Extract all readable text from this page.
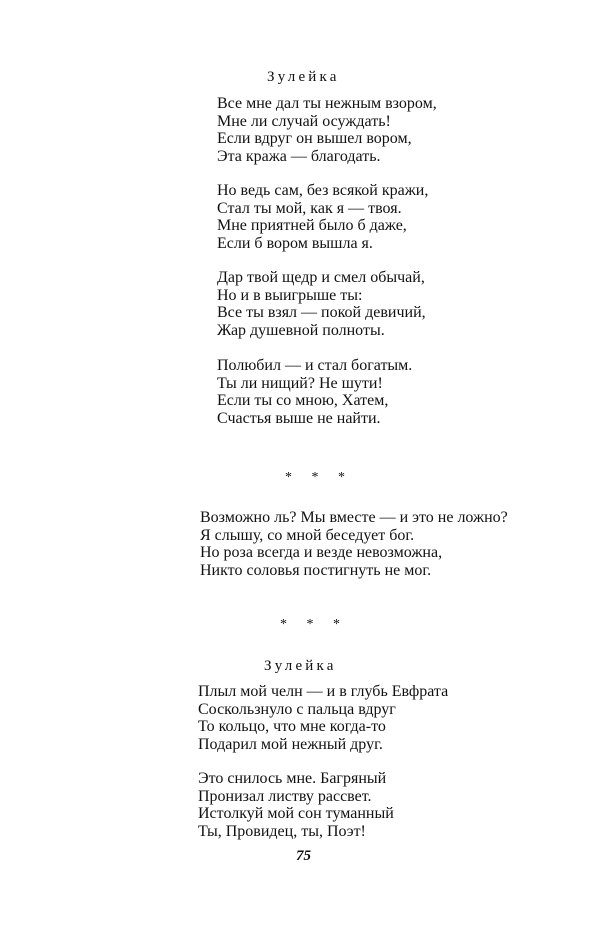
Зулейка
Все мне дал ты нежным взором,
Мне ли случай осуждать!
Если вдруг он вышел вором,
Эта кража — благодать.
Но ведь сам, без всякой кражи,
Стал ты мой, как я — твоя.
Мне приятней было б даже,
Если б вором вышла я.
Дар твой щедр и смел обычай,
Но и в выигрыше ты:
Все ты взял — покой девичий,
Жар душевной полноты.
Полюбил — и стал богатым.
Ты ли нищий? Не шути!
Если ты со мною, Хатем,
Счастья выше не найти.
* * *
Возможно ль? Мы вместе — и это не ложно?
Я слышу, со мной беседует бог.
Но роза всегда и везде невозможна,
Никто соловья постигнуть не мог.
* * *
Зулейка
Плыл мой челн — и в глубь Евфрата
Соскользнуло с пальца вдруг
То кольцо, что мне когда-то
Подарил мой нежный друг.
Это снилось мне. Багряный
Пронизал листву рассвет.
Истолкуй мой сон туманный
Ты, Провидец, ты, Поэт!
75
